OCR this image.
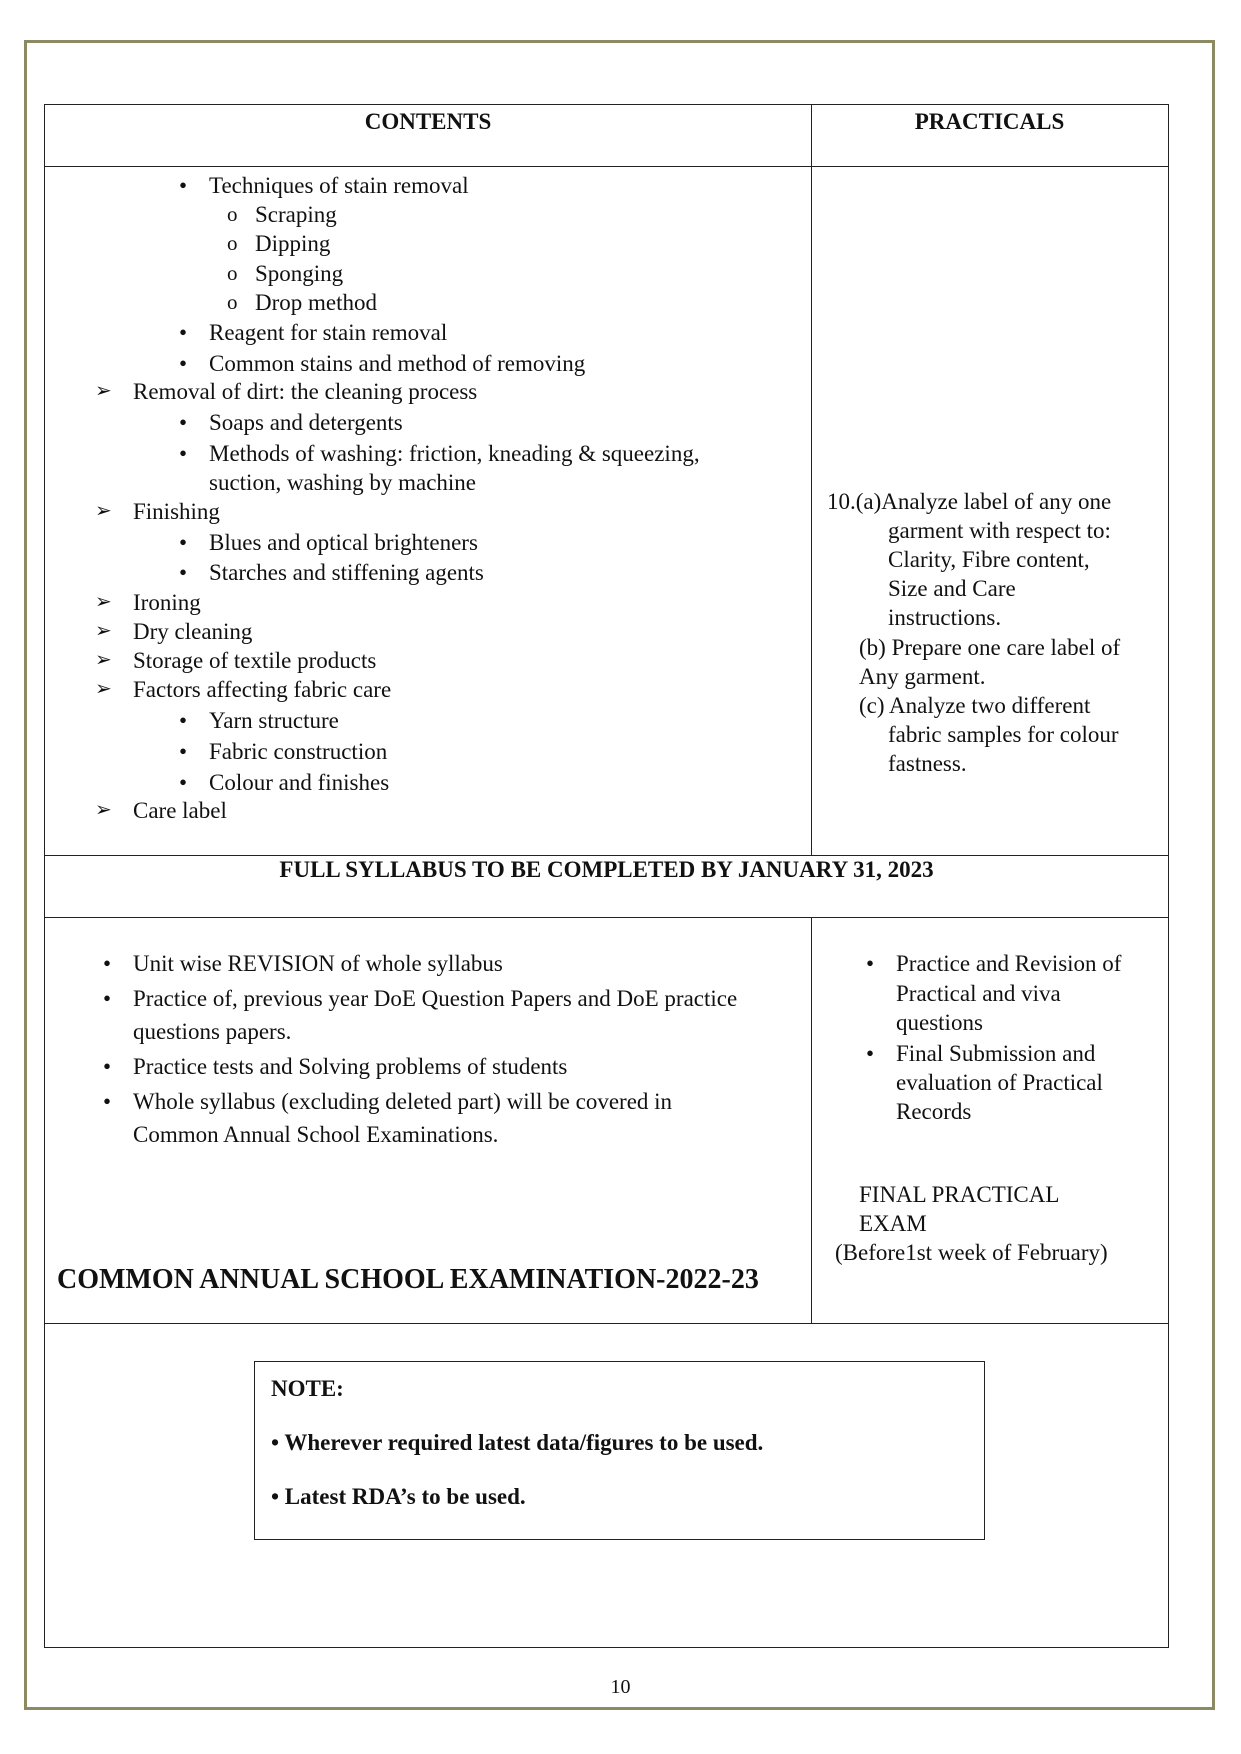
CONTENTS	PRACTICALS
• Techniques of stain removal
o Scraping
o Dipping
o Sponging
o Drop method
• Reagent for stain removal
• Common stains and method of removing
➢ Removal of dirt: the cleaning process
• Soaps and detergents
• Methods of washing: friction, kneading & squeezing,
suction, washing by machine
➢ Finishing
• Blues and optical brighteners
• Starches and stiffening agents
➢ Ironing
➢ Dry cleaning
➢ Storage of textile products
➢ Factors affecting fabric care
• Yarn structure
• Fabric construction
• Colour and finishes
➢ Care label
10.(a)Analyze label of any one
garment with respect to:
Clarity, Fibre content,
Size and Care
instructions.
(b) Prepare one care label of
Any garment.
(c) Analyze two different
fabric samples for colour
fastness.
FULL SYLLABUS TO BE COMPLETED BY JANUARY 31, 2023
• Unit wise REVISION of whole syllabus
• Practice of, previous year DoE Question Papers and DoE practice
questions papers.
• Practice tests and Solving problems of students
• Whole syllabus (excluding deleted part) will be covered in
Common Annual School Examinations.
COMMON ANNUAL SCHOOL EXAMINATION-2022-23
• Practice and Revision of
Practical and viva
questions
• Final Submission and
evaluation of Practical
Records
FINAL PRACTICAL
EXAM
(Before1st week of February)
NOTE:
• Wherever required latest data/figures to be used.
• Latest RDA’s to be used.
10
